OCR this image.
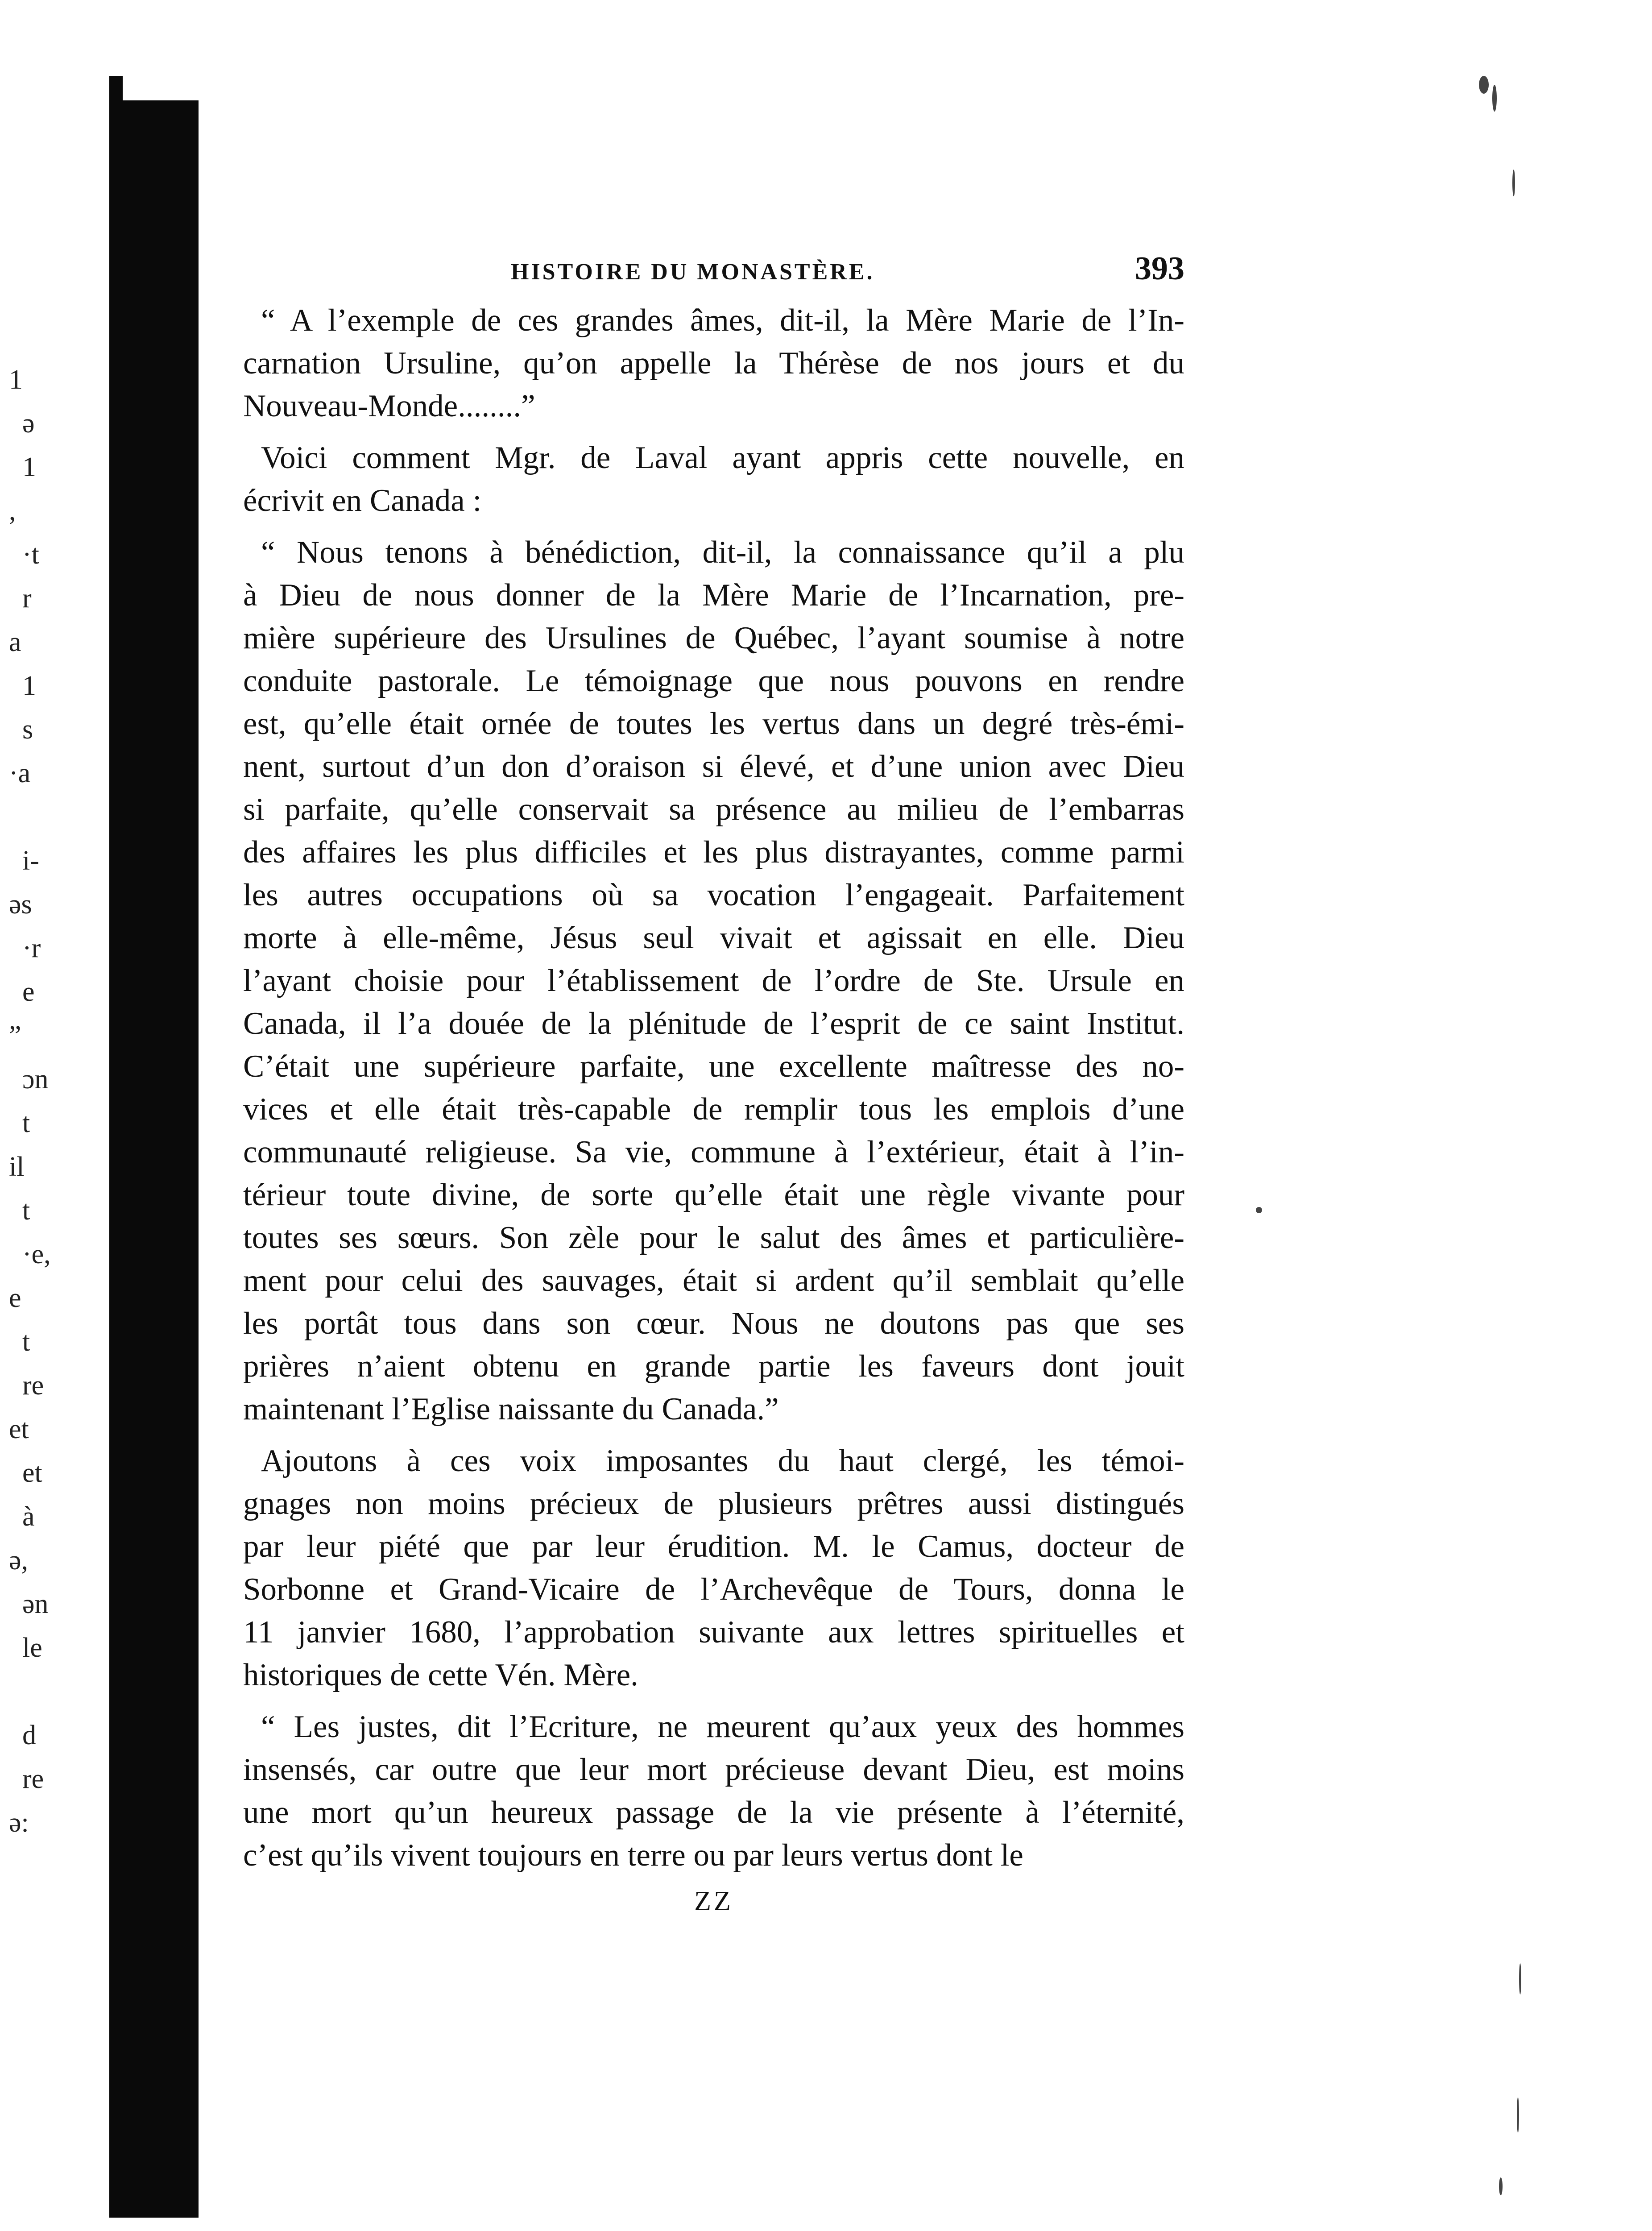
1
ə
1
,
·t
r
a
1
s
·a
i-
əs
·r
e
”
ɔn
t
il
t
·e,
e
t
re
et
et
à
ə,
ən
le
d
re
ə:
HISTOIRE DU MONASTÈRE.	393
“ A l’exemple de ces grandes âmes, dit-il, la Mère Marie de l’In-
carnation Ursuline, qu’on appelle la Thérèse de nos jours et du
Nouveau-Monde........”
Voici comment Mgr. de Laval ayant appris cette nouvelle, en
écrivit en Canada :
“ Nous tenons à bénédiction, dit-il, la connaissance qu’il a plu
à Dieu de nous donner de la Mère Marie de l’Incarnation, pre-
mière supérieure des Ursulines de Québec, l’ayant soumise à notre
conduite pastorale. Le témoignage que nous pouvons en rendre
est, qu’elle était ornée de toutes les vertus dans un degré très-émi-
nent, surtout d’un don d’oraison si élevé, et d’une union avec Dieu
si parfaite, qu’elle conservait sa présence au milieu de l’embarras
des affaires les plus difficiles et les plus distrayantes, comme parmi
les autres occupations où sa vocation l’engageait. Parfaitement
morte à elle-même, Jésus seul vivait et agissait en elle. Dieu
l’ayant choisie pour l’établissement de l’ordre de Ste. Ursule en
Canada, il l’a douée de la plénitude de l’esprit de ce saint Institut.
C’était une supérieure parfaite, une excellente maîtresse des no-
vices et elle était très-capable de remplir tous les emplois d’une
communauté religieuse. Sa vie, commune à l’extérieur, était à l’in-
térieur toute divine, de sorte qu’elle était une règle vivante pour
toutes ses sœurs. Son zèle pour le salut des âmes et particulière-
ment pour celui des sauvages, était si ardent qu’il semblait qu’elle
les portât tous dans son cœur. Nous ne doutons pas que ses
prières n’aient obtenu en grande partie les faveurs dont jouit
maintenant l’Eglise naissante du Canada.”
Ajoutons à ces voix imposantes du haut clergé, les témoi-
gnages non moins précieux de plusieurs prêtres aussi distingués
par leur piété que par leur érudition. M. le Camus, docteur de
Sorbonne et Grand-Vicaire de l’Archevêque de Tours, donna le
11 janvier 1680, l’approbation suivante aux lettres spirituelles et
historiques de cette Vén. Mère.
“ Les justes, dit l’Ecriture, ne meurent qu’aux yeux des hommes
insensés, car outre que leur mort précieuse devant Dieu, est moins
une mort qu’un heureux passage de la vie présente à l’éternité,
c’est qu’ils vivent toujours en terre ou par leurs vertus dont le
ZZ
